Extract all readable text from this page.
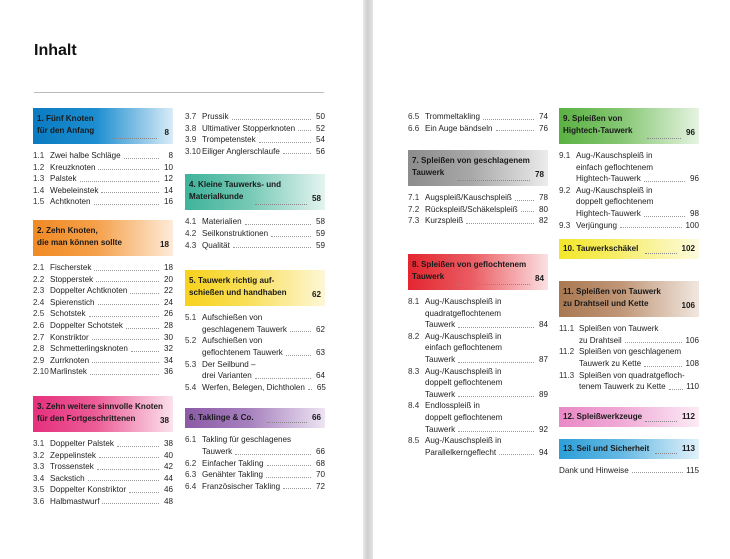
Inhalt
1. Fünf Knoten
für den Anfang	8
1.1 Zwei halbe Schläge	8
1.2 Kreuzknoten	10
1.3 Palstek	12
1.4 Webeleinstek	14
1.5 Achtknoten	16
2. Zehn Knoten,
die man können sollte	18
2.1 Fischerstek	18
2.2 Stopperstek	20
2.3 Doppelter Achtknoten	22
2.4 Spierenstich	24
2.5 Schotstek	26
2.6 Doppelter Schotstek	28
2.7 Konstriktor	30
2.8 Schmetterlingsknoten	32
2.9 Zurrknoten	34
2.10 Marlinstek	36
3. Zehn weitere sinnvolle Knoten
für den Fortgeschrittenen	38
3.1 Doppelter Palstek	38
3.2 Zeppelinstek	40
3.3 Trossenstek	42
3.4 Sackstich	44
3.5 Doppelter Konstriktor	46
3.6 Halbmastwurf	48
3.7 Prussik	50
3.8 Ultimativer Stopperknoten	52
3.9 Trompetenstek	54
3.10 Eiliger Anglerschlaufe	56
4. Kleine Tauwerks- und
Materialkunde	58
4.1 Materialien	58
4.2 Seilkonstruktionen	59
4.3 Qualität	59
5. Tauwerk richtig auf-
schießen und handhaben	62
5.1 Aufschießen von
geschlagenem Tauwerk	62
5.2 Aufschießen von
geflochtenem Tauwerk	63
5.3 Der Seilbund –
drei Varianten	64
5.4 Werfen, Belegen, Dichtholen 65
6. Taklinge & Co.	66
6.1 Takling für geschlagenes
Tauwerk	66
6.2 Einfacher Takling	68
6.3 Genähter Takling	70
6.4 Französischer Takling	72
6.5 Trommeltakling	74
6.6 Ein Auge bändseln	76
7. Spleißen von geschlagenem
Tauwerk	78
7.1 Augspleiß/Kauschspleiß	78
7.2 Rückspleiß/Schäkelspleiß	80
7.3 Kurzspleiß	82
8. Spleißen von geflochtenem
Tauwerk	84
8.1 Aug-/Kauschspleiß in
quadratgeflochtenem
Tauwerk	84
8.2 Aug-/Kauschspleiß in
einfach geflochtenem
Tauwerk	87
8.3 Aug-/Kauschspleiß in
doppelt geflochtenem
Tauwerk	89
8.4 Endlosspleiß in
doppelt geflochtenem
Tauwerk	92
8.5 Aug-/Kauschspleiß in
Parallelkerngeflecht	94
9. Spleißen von
Hightech-Tauwerk	96
9.1 Aug-/Kauschspleiß in
einfach geflochtenem
Hightech-Tauwerk	96
9.2 Aug-/Kauschspleiß in
doppelt geflochtenem
Hightech-Tauwerk	98
9.3 Verjüngung	100
10. Tauwerkschäkel	102
11. Spleißen von Tauwerk
zu Drahtseil und Kette	106
11.1 Spleißen von Tauwerk
zu Drahtseil	106
11.2 Spleißen von geschlagenem
Tauwerk zu Kette	108
11.3 Spleißen von quadratgefloch-
tenem Tauwerk zu Kette	110
12. Spleißwerkzeuge	112
13. Seil und Sicherheit	113
Dank und Hinweise	115
